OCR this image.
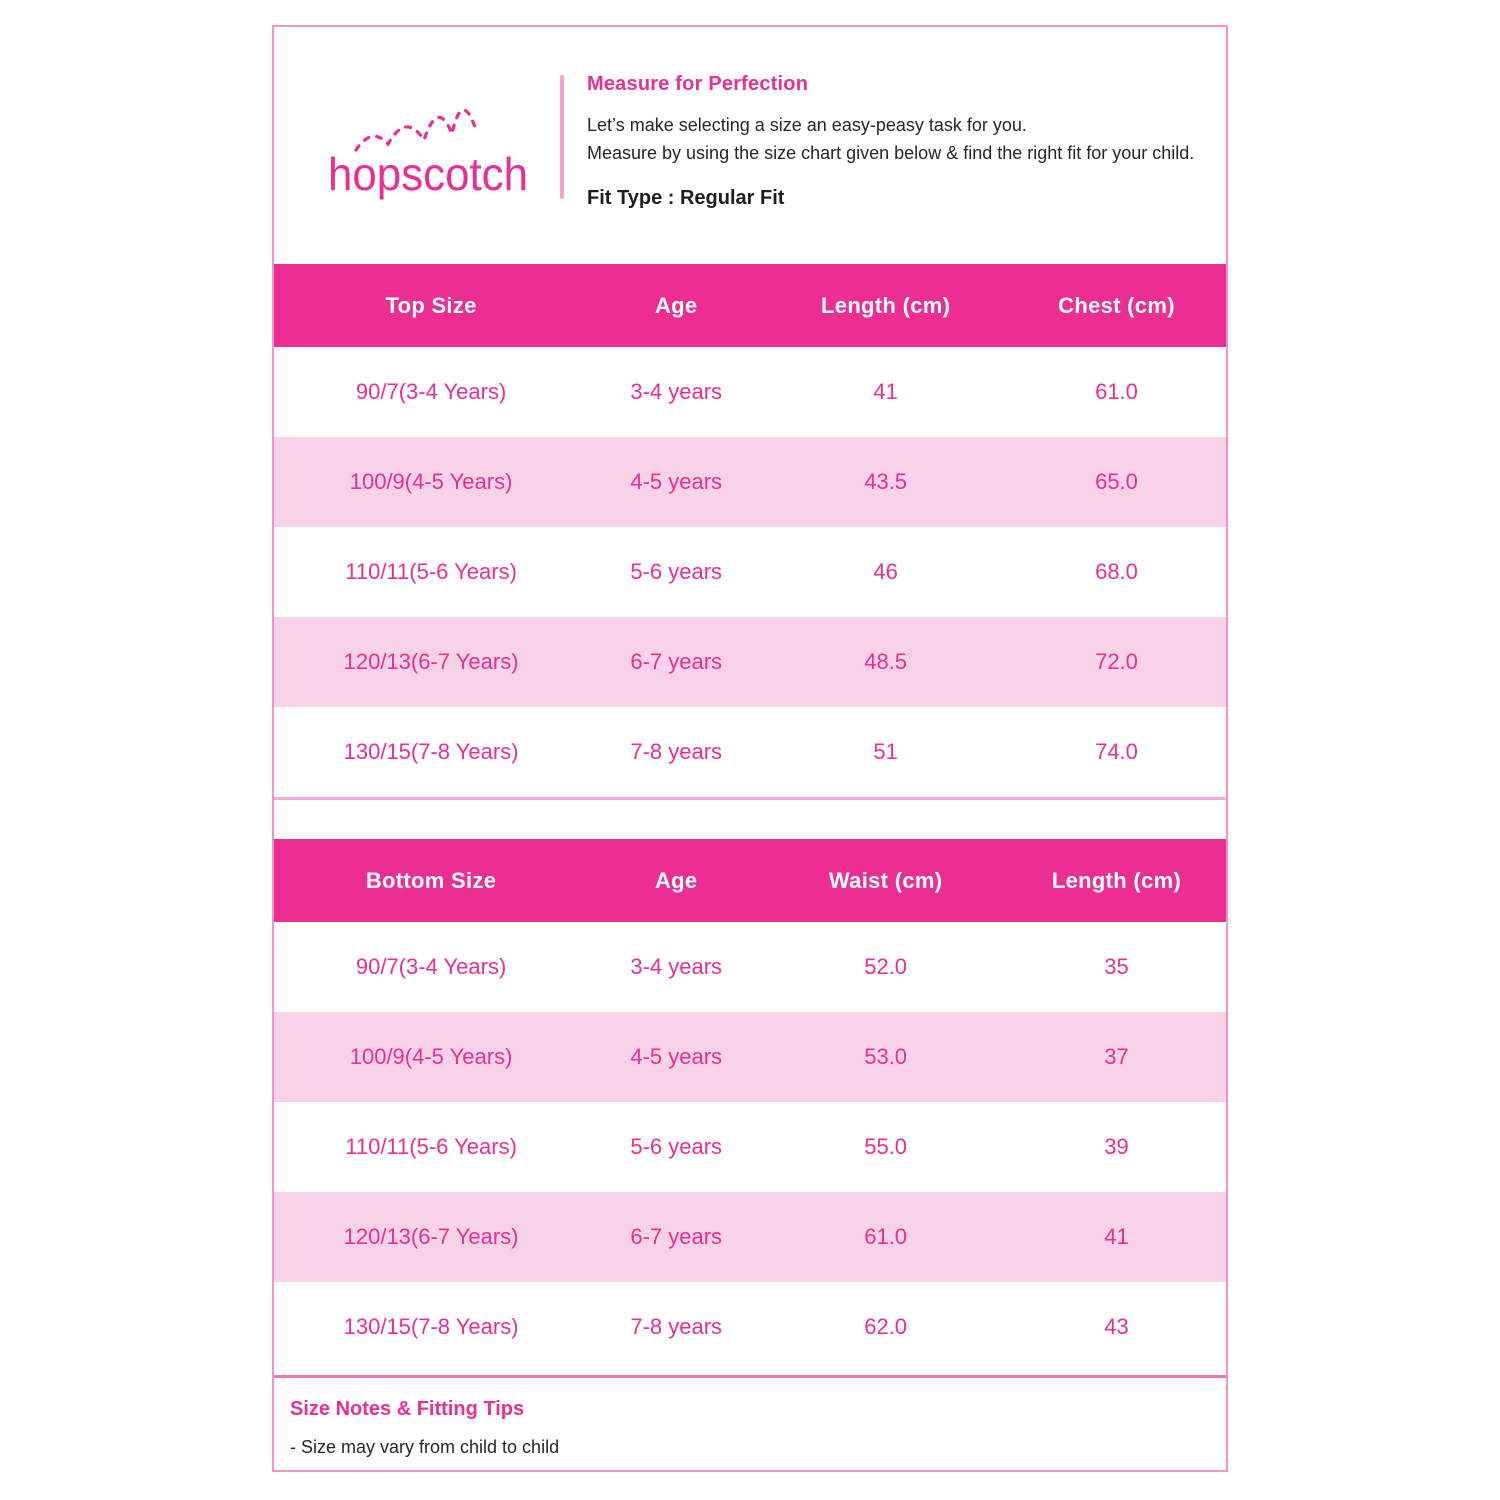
hopscotch
Measure for Perfection
Let’s make selecting a size an easy-peasy task for you.
Measure by using the size chart given below & find the right fit for your child.
Fit Type : Regular Fit
Top Size	Age	Length (cm)	Chest (cm)
90/7(3-4 Years)	3-4 years	41	61.0
100/9(4-5 Years)	4-5 years	43.5	65.0
110/11(5-6 Years)	5-6 years	46	68.0
120/13(6-7 Years)	6-7 years	48.5	72.0
130/15(7-8 Years)	7-8 years	51	74.0
Bottom Size	Age	Waist (cm)	Length (cm)
90/7(3-4 Years)	3-4 years	52.0	35
100/9(4-5 Years)	4-5 years	53.0	37
110/11(5-6 Years)	5-6 years	55.0	39
120/13(6-7 Years)	6-7 years	61.0	41
130/15(7-8 Years)	7-8 years	62.0	43
Size Notes & Fitting Tips
- Size may vary from child to child
